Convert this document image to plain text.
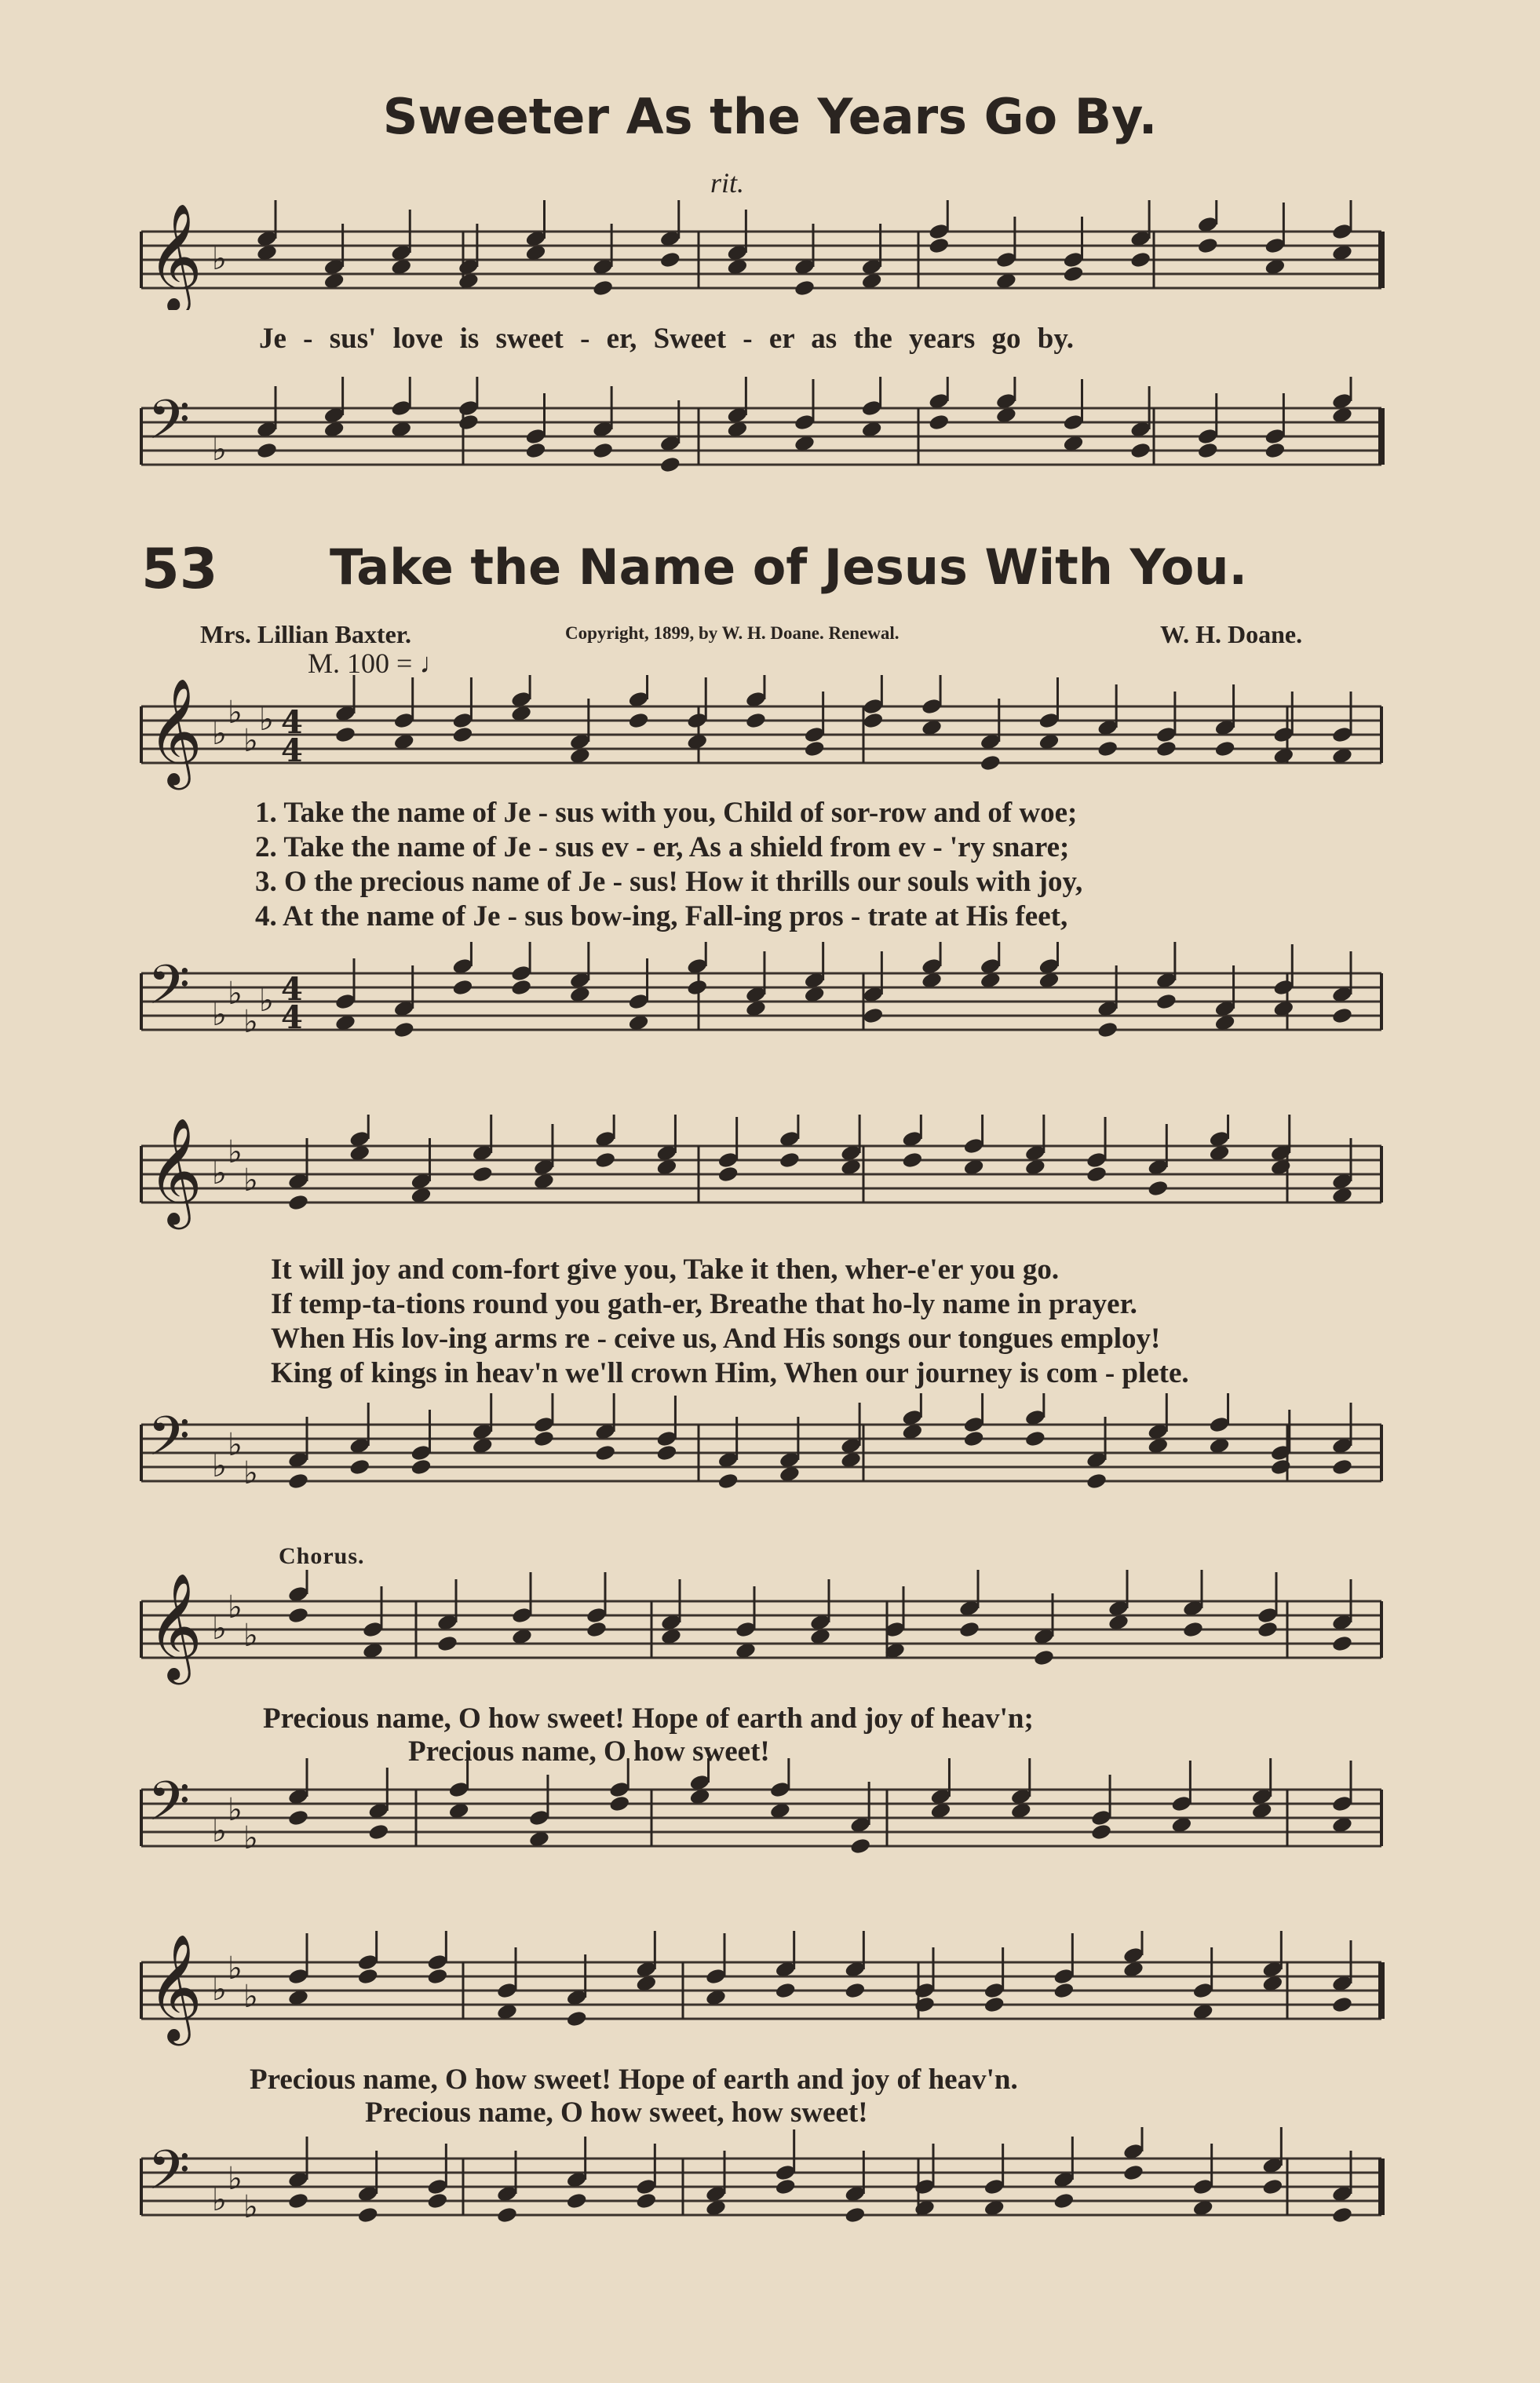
Sweeter As the Years Go By.
rit.
𝄞 ♭
Je - sus' love is sweet - er, Sweet - er as the years go by.
𝄢 ♭
53 Take the Name of Jesus With You.
Mrs. Lillian Baxter.	Copyright, 1899, by W. H. Doane. Renewal.	W. H. Doane.
M. 100 = ♩
𝄞 ♭
♭
♭
♭ 4
4
1. Take the name of Je - sus with you, Child of sor-row and of woe;
2. Take the name of Je - sus ev - er, As a shield from ev - 'ry snare;
3. O the precious name of Je - sus! How it thrills our souls with joy,
4. At the name of Je - sus bow-ing, Fall-ing pros - trate at His feet,
𝄢 ♭
♭
♭
♭ 4
4
𝄞 ♭
♭
♭
It will joy and com-fort give you, Take it then, wher-e'er you go.
If temp-ta-tions round you gath-er, Breathe that ho-ly name in prayer.
When His lov-ing arms re - ceive us, And His songs our tongues employ!
King of kings in heav'n we'll crown Him, When our journey is com - plete.
𝄢 ♭
♭
♭
Chorus.
𝄞 ♭
♭
♭
Precious name, O how sweet! Hope of earth and joy of heav'n;
Precious name, O how sweet!
𝄢 ♭
♭
♭
𝄞 ♭
♭
♭
Precious name, O how sweet! Hope of earth and joy of heav'n.
Precious name, O how sweet, how sweet!
𝄢 ♭
♭
♭
